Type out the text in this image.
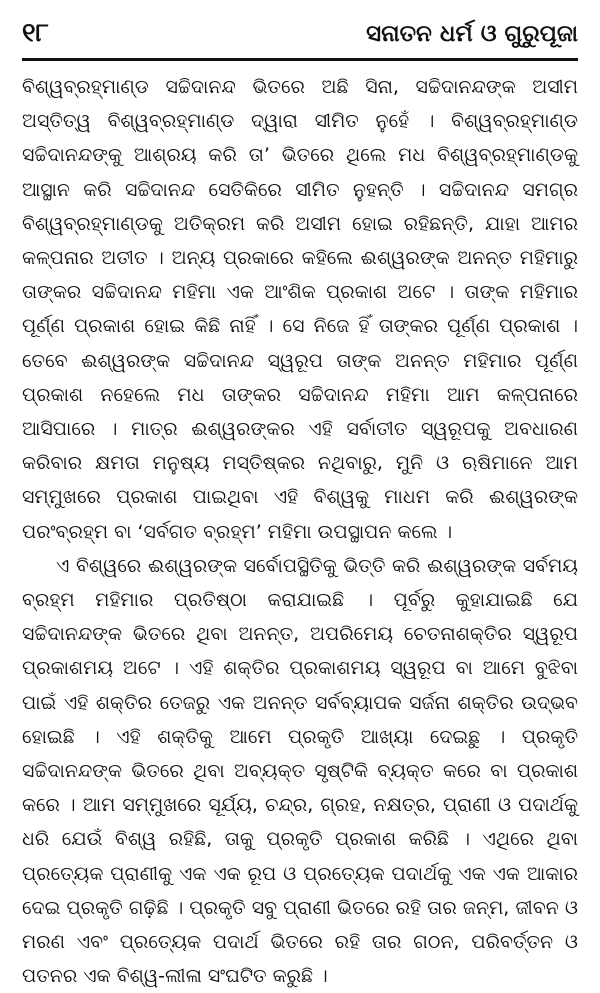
୧୮	ସନାତନ ଧର୍ମ ଓ ଗୁରୁପୂଜା

ବିଶ୍ୱବ୍ରହ୍ମାଣ୍ଡ ସଚ୍ଚିଦାନନ୍ଦ ଭିତରେ ଅଛି ସିନା, ସଚ୍ଚିଦାନନ୍ଦଙ୍କ ଅସୀମ ଅସ୍ତିତ୍ୱ ବିଶ୍ୱବ୍ରହ୍ମାଣ୍ଡ ଦ୍ୱାରା ସୀମିତ ନୁହେଁ । ବିଶ୍ୱବ୍ରହ୍ମାଣ୍ଡ ସଚ୍ଚିଦାନନ୍ଦଙ୍କୁ ଆଶ୍ରୟ କରି ତା’ ଭିତରେ ଥିଲେ ମଧ ବିଶ୍ୱବ୍ରହ୍ମାଣ୍ଡକୁ ଆସ୍ଥାନ କରି ସଚ୍ଚିଦାନନ୍ଦ ସେତିକିରେ ସୀମିତ ନୁହନ୍ତି । ସଚ୍ଚିଦାନନ୍ଦ ସମଗ୍ର ବିଶ୍ୱବ୍ରହ୍ମାଣ୍ଡକୁ ଅତିକ୍ରମ କରି ଅସୀମ ହୋଇ ରହିଛନ୍ତି, ଯାହା ଆମର କଳ୍ପନାର ଅତୀତ । ଅନ୍ୟ ପ୍ରକାରେ କହିଲେ ଈଶ୍ୱରଙ୍କ ଅନନ୍ତ ମହିମାରୁ ତାଙ୍କର ସଚ୍ଚିଦାନନ୍ଦ ମହିମା ଏକ ଆଂଶିକ ପ୍ରକାଶ ଅଟେ । ତାଙ୍କ ମହିମାର ପୂର୍ଣ୍ଣ ପ୍ରକାଶ ହୋଇ କିଛି ନାହିଁ । ସେ ନିଜେ ହିଁ ତାଙ୍କର ପୂର୍ଣ୍ଣ ପ୍ରକାଶ । ତେବେ ଈଶ୍ୱରଙ୍କ ସଚ୍ଚିଦାନନ୍ଦ ସ୍ୱରୂପ ତାଙ୍କ ଅନନ୍ତ ମହିମାର ପୂର୍ଣ୍ଣ ପ୍ରକାଶ ନହେଲେ ମଧ ତାଙ୍କର ସଚ୍ଚିଦାନନ୍ଦ ମହିମା ଆମ କଳ୍ପନାରେ ଆସିପାରେ । ମାତ୍ର ଈଶ୍ୱରଙ୍କର ଏହି ସର୍ବାତୀତ ସ୍ୱରୂପକୁ ଅବଧାରଣ କରିବାର କ୍ଷମତା ମନୁଷ୍ୟ ମସ୍ତିଷ୍କର ନଥିବାରୁ, ମୁନି ଓ ଋଷିମାନେ ଆମ ସମ୍ମୁଖରେ ପ୍ରକାଶ ପାଇଥିବା ଏହି ବିଶ୍ୱକୁ ମାଧମ କରି ଈଶ୍ୱରଙ୍କ ପରଂବ୍ରହ୍ମ ବା ‘ସର୍ବଗତ ବ୍ରହ୍ମ’ ମହିମା ଉପସ୍ଥାପନ କଲେ ।

ଏ ବିଶ୍ୱରେ ଈଶ୍ୱରଙ୍କ ସର୍ବୋପସ୍ଥିତିକୁ ଭିତ୍ତି କରି ଈଶ୍ୱରଙ୍କ ସର୍ବମୟ ବ୍ରହ୍ମ ମହିମାର ପ୍ରତିଷ୍ଠା କରାଯାଇଛି । ପୂର୍ବରୁ କୁହାଯାଇଛି ଯେ ସଚ୍ଚିଦାନନ୍ଦଙ୍କ ଭିତରେ ଥିବା ଅନନ୍ତ, ଅପରିମେୟ ଚେତନାଶକ୍ତିର ସ୍ୱରୂପ ପ୍ରକାଶମୟ ଅଟେ । ଏହି ଶକ୍ତିର ପ୍ରକାଶମୟ ସ୍ୱରୂପ ବା ଆମେ ବୁଝିବା ପାଇଁ ଏହି ଶକ୍ତିର ତେଜରୁ ଏକ ଅନନ୍ତ ସର୍ବବ୍ୟାପକ ସର୍ଜନା ଶକ୍ତିର ଉଦ୍ଭବ ହୋଇଛି । ଏହି ଶକ୍ତିକୁ ଆମେ ପ୍ରକୃତି ଆଖ୍ୟା ଦେଇଛୁ । ପ୍ରକୃତି ସଚ୍ଚିଦାନନ୍ଦଙ୍କ ଭିତରେ ଥିବା ଅବ୍ୟକ୍ତ ସୃଷ୍ଟିକି ବ୍ୟକ୍ତ କରେ ବା ପ୍ରକାଶ କରେ । ଆମ ସମ୍ମୁଖରେ ସୂର୍ଯ୍ୟ, ଚନ୍ଦ୍ର, ଗ୍ରହ, ନକ୍ଷତ୍ର, ପ୍ରାଣୀ ଓ ପଦାର୍ଥକୁ ଧରି ଯେଉଁ ବିଶ୍ୱ ରହିଛି, ତାକୁ ପ୍ରକୃତି ପ୍ରକାଶ କରିଛି । ଏଥିରେ ଥିବା ପ୍ରତ୍ୟେକ ପ୍ରାଣୀକୁ ଏକ ଏକ ରୂପ ଓ ପ୍ରତ୍ୟେକ ପଦାର୍ଥକୁ ଏକ ଏକ ଆକାର ଦେଇ ପ୍ରକୃତି ଗଢ଼ିଛି । ପ୍ରକୃତି ସବୁ ପ୍ରାଣୀ ଭିତରେ ରହି ତାର ଜନ୍ମ, ଜୀବନ ଓ ମରଣ ଏବଂ ପ୍ରତ୍ୟେକ ପଦାର୍ଥ ଭିତରେ ରହି ତାର ଗଠନ, ପରିବର୍ତ୍ତନ ଓ ପତନର ଏକ ବିଶ୍ୱ-ଲୀଳା ସଂଘଟିତ କରୁଛି ।
